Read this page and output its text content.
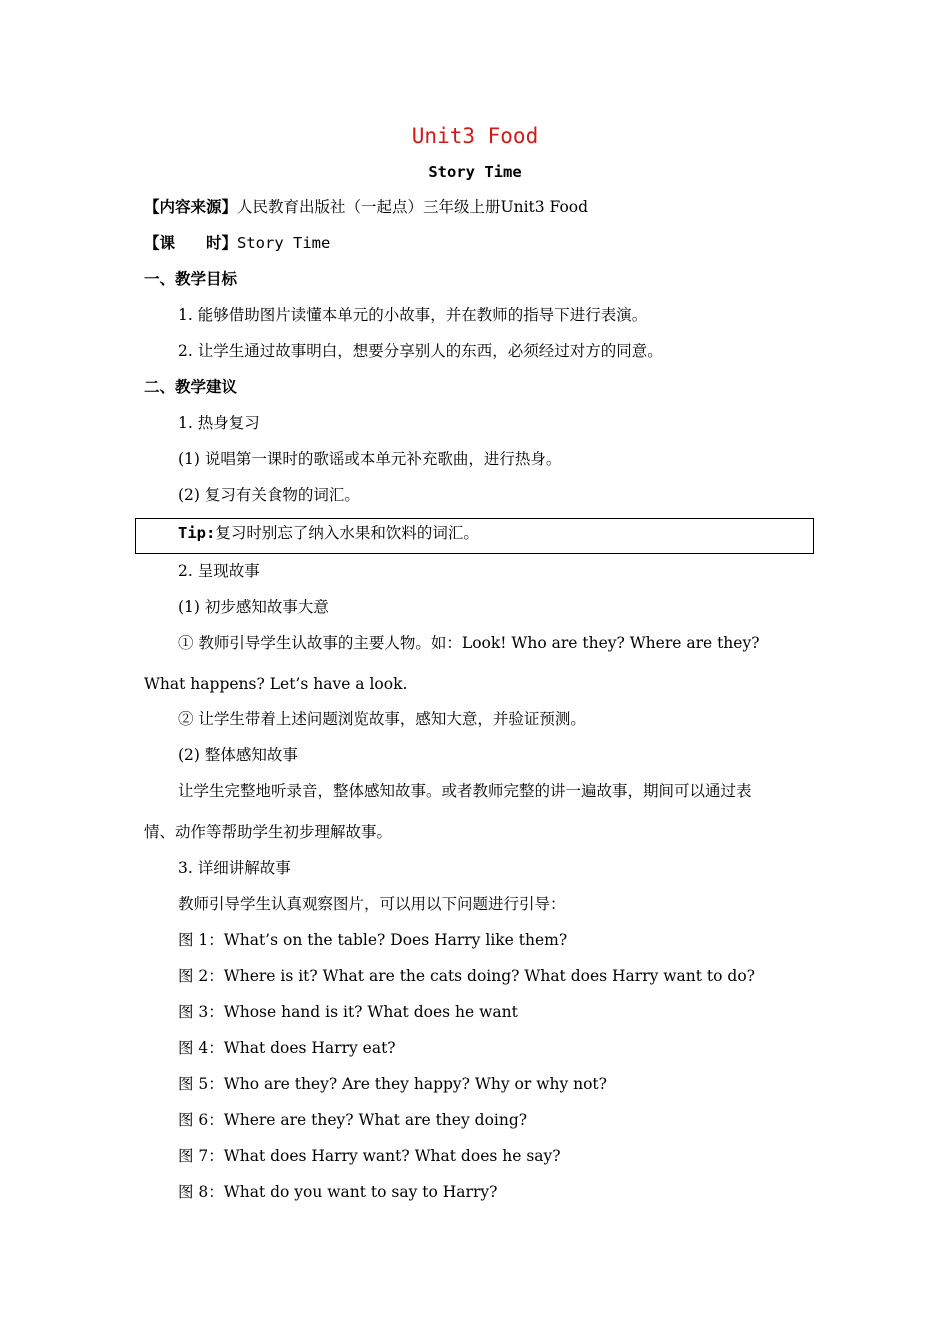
Unit3 Food
Story Time
【内容来源】人民教育出版社（一起点）三年级上册Unit3 Food
【课　　时】Story Time
一、教学目标
1. 能够借助图片读懂本单元的小故事，并在教师的指导下进行表演。
2. 让学生通过故事明白，想要分享别人的东西，必须经过对方的同意。
二、教学建议
1. 热身复习
(1) 说唱第一课时的歌谣或本单元补充歌曲，进行热身。
(2) 复习有关食物的词汇。
Tip:复习时别忘了纳入水果和饮料的词汇。
2. 呈现故事
(1) 初步感知故事大意
① 教师引导学生认故事的主要人物。如：Look! Who are they? Where are they?
What happens? Let’s have a look.
② 让学生带着上述问题浏览故事，感知大意，并验证预测。
(2) 整体感知故事
让学生完整地听录音，整体感知故事。或者教师完整的讲一遍故事，期间可以通过表
情、动作等帮助学生初步理解故事。
3. 详细讲解故事
教师引导学生认真观察图片，可以用以下问题进行引导：
图 1：What’s on the table? Does Harry like them?
图 2：Where is it? What are the cats doing? What does Harry want to do?
图 3：Whose hand is it? What does he want
图 4：What does Harry eat?
图 5：Who are they? Are they happy? Why or why not?
图 6：Where are they? What are they doing?
图 7：What does Harry want? What does he say?
图 8：What do you want to say to Harry?
